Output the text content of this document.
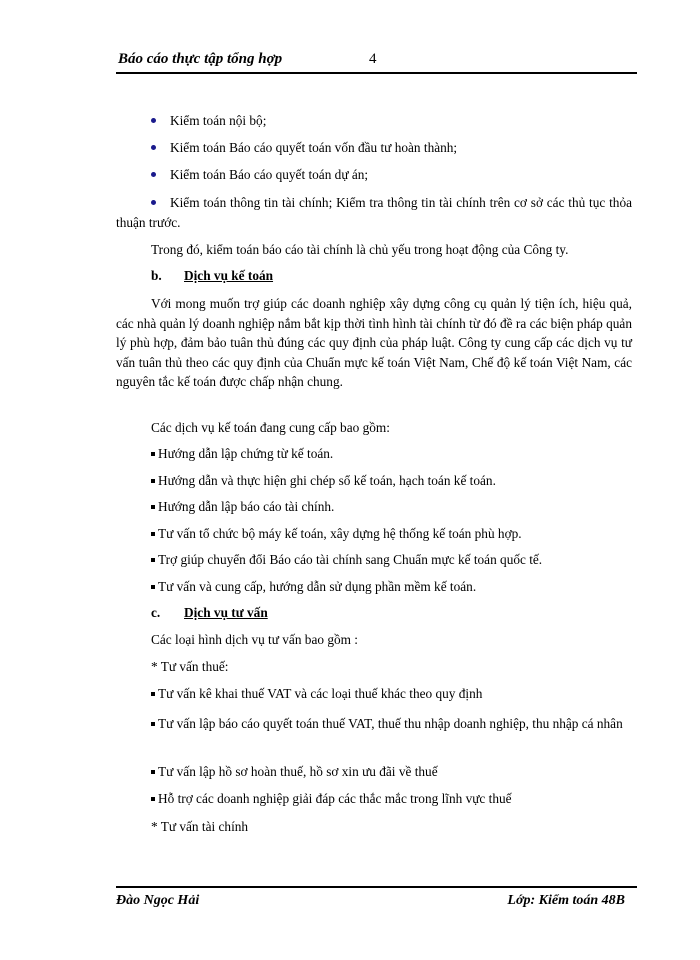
Báo cáo thực tập tổng hợp	4
Kiểm toán nội bộ;
Kiểm toán Báo cáo quyết toán vốn đầu tư hoàn thành;
Kiểm toán Báo cáo quyết toán dự án;
Kiểm toán thông tin tài chính; Kiểm tra thông tin tài chính trên cơ sở các thủ tục thỏa thuận trước.
Trong đó, kiểm toán báo cáo tài chính là chủ yếu trong hoạt động của Công ty.
b. Dịch vụ kế toán
Với mong muốn trợ giúp các doanh nghiệp xây dựng công cụ quản lý tiện ích, hiệu quả, các nhà quản lý doanh nghiệp nắm bắt kịp thời tình hình tài chính từ đó đề ra các biện pháp quản lý phù hợp, đảm bảo tuân thủ đúng các quy định của pháp luật. Công ty cung cấp các dịch vụ tư vấn tuân thủ theo các quy định của Chuẩn mực kế toán Việt Nam, Chế độ kế toán Việt Nam, các nguyên tắc kế toán được chấp nhận chung.
Các dịch vụ kế toán đang cung cấp bao gồm:
Hướng dẫn lập chứng từ kế toán.
Hướng dẫn và thực hiện ghi chép sổ kế toán, hạch toán kế toán.
Hướng dẫn lập báo cáo tài chính.
Tư vấn tổ chức bộ máy kế toán, xây dựng hệ thống kế toán phù hợp.
Trợ giúp chuyển đổi Báo cáo tài chính sang Chuẩn mực kế toán quốc tế.
Tư vấn và cung cấp, hướng dẫn sử dụng phần mềm kế toán.
c. Dịch vụ tư vấn
Các loại hình dịch vụ tư vấn bao gồm :
* Tư vấn thuế:
Tư vấn kê khai thuế VAT và các loại thuế khác theo quy định
Tư vấn lập báo cáo quyết toán thuế VAT, thuế thu nhập doanh nghiệp, thu nhập cá nhân
Tư vấn lập hồ sơ hoàn thuế, hồ sơ xin ưu đãi về thuế
Hỗ trợ các doanh nghiệp giải đáp các thắc mắc trong lĩnh vực thuế
* Tư vấn tài chính
Đào Ngọc Hải	Lớp: Kiểm toán 48B
